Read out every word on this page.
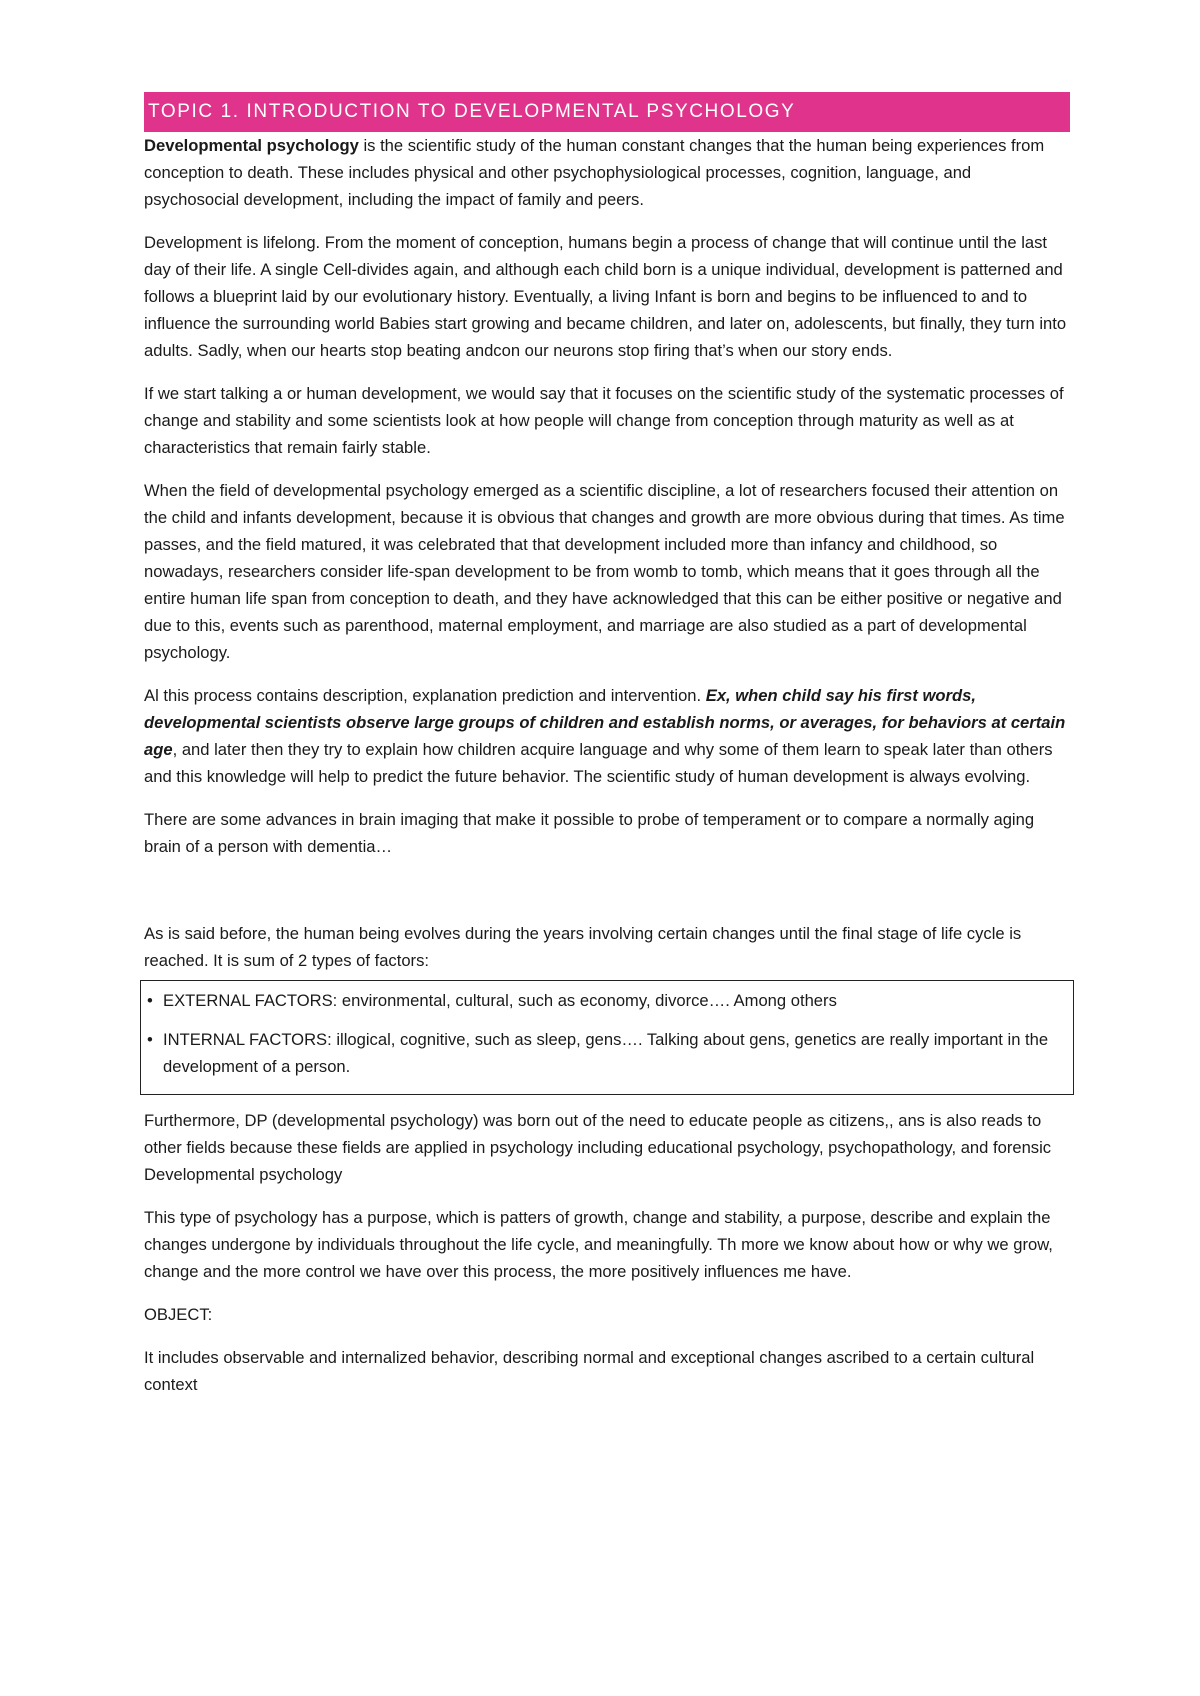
TOPIC 1. INTRODUCTION TO DEVELOPMENTAL PSYCHOLOGY

Developmental psychology is the scientific study of the human constant changes that the human being experiences from conception to death. These includes physical and other psychophysiological processes, cognition, language, and psychosocial development, including the impact of family and peers.

Development is lifelong. From the moment of conception, humans begin a process of change that will continue until the last day of their life. A single Cell-divides again, and although each child born is a unique individual, development is patterned and follows a blueprint laid by our evolutionary history. Eventually, a living Infant is born and begins to be influenced to and to influence the surrounding world Babies start growing and became children, and later on, adolescents, but finally, they turn into adults. Sadly, when our hearts stop beating andcon our neurons stop firing that’s when our story ends.

If we start talking a or human development, we would say that it focuses on the scientific study of the systematic processes of change and stability and some scientists look at how people will change from conception through maturity as well as at characteristics that remain fairly stable.

When the field of developmental psychology emerged as a scientific discipline, a lot of researchers focused their attention on the child and infants development, because it is obvious that changes and growth are more obvious during that times. As time passes, and the field matured, it was celebrated that that development included more than infancy and childhood, so nowadays, researchers consider life-span development to be from womb to tomb, which means that it goes through all the entire human life span from conception to death, and they have acknowledged that this can be either positive or negative and due to this, events such as parenthood, maternal employment, and marriage are also studied as a part of developmental psychology.

Al this process contains description, explanation prediction and intervention. Ex, when child say his first words, developmental scientists observe large groups of children and establish norms, or averages, for behaviors at certain age, and later then they try to explain how children acquire language and why some of them learn to speak later than others and this knowledge will help to predict the future behavior. The scientific study of human development is always evolving.

There are some advances in brain imaging that make it possible to probe of temperament or to compare a normally aging brain of a person with dementia…

As is said before, the human being evolves during the years involving certain changes until the final stage of life cycle is reached. It is sum of 2 types of factors:

• EXTERNAL FACTORS: environmental, cultural, such as economy, divorce…. Among others
• INTERNAL FACTORS: illogical, cognitive, such as sleep, gens…. Talking about gens, genetics are really important in the development of a person.

Furthermore, DP (developmental psychology) was born out of the need to educate people as citizens,, ans is also reads to other fields because these fields are applied in psychology including educational psychology, psychopathology, and forensic Developmental psychology

This type of psychology has a purpose, which is patters of growth, change and stability, a purpose, describe and explain the changes undergone by individuals throughout the life cycle, and meaningfully. Th more we know about how or why we grow, change and the more control we have over this process, the more positively influences me have.

OBJECT:

It includes observable and internalized behavior, describing normal and exceptional changes ascribed to a certain cultural context
